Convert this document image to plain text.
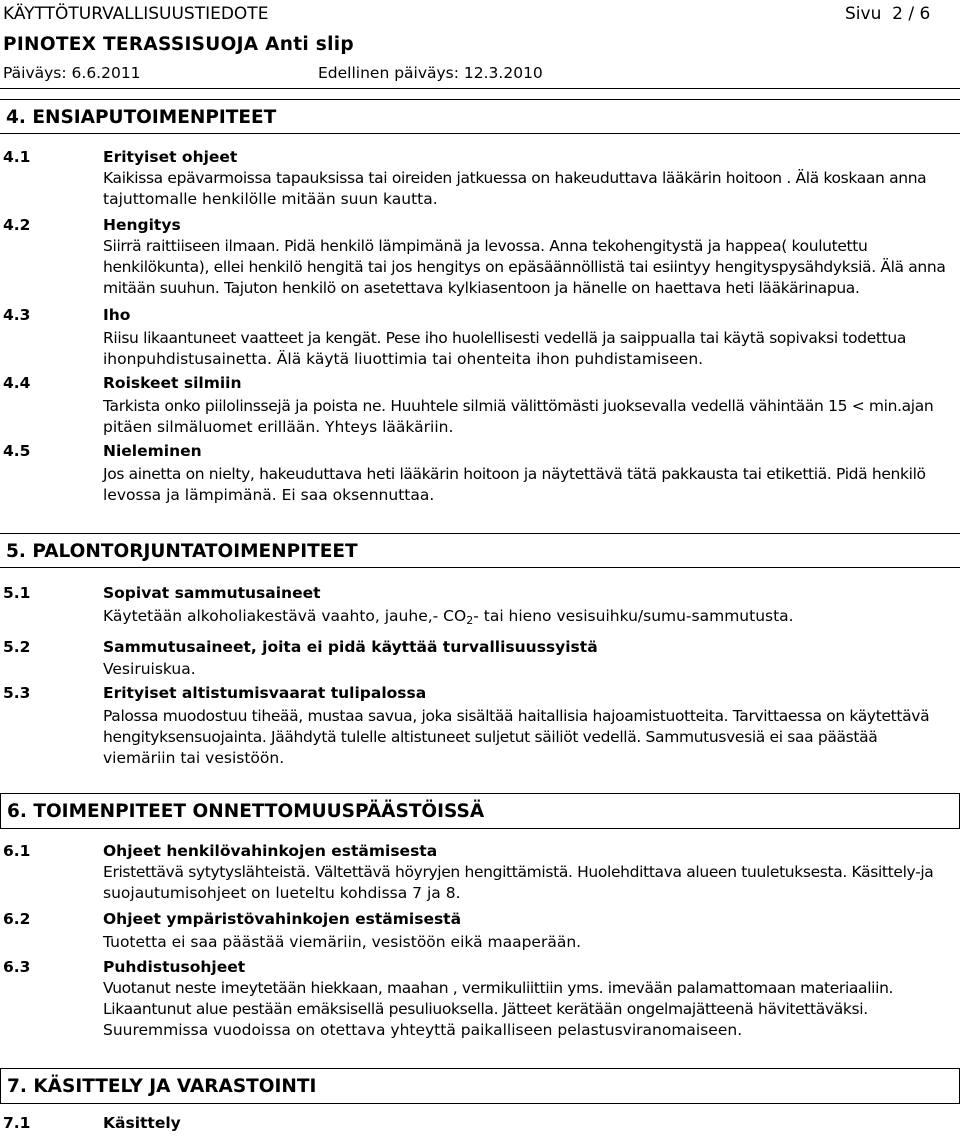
KÄYTTÖTURVALLISUUSTIEDOTE	Sivu 2 / 6
PINOTEX TERASSISUOJA Anti slip
Päiväys: 6.6.2011	Edellinen päiväys: 12.3.2010
4. ENSIAPUTOIMENPITEET
4.1	Erityiset ohjeet
Kaikissa epävarmoissa tapauksissa tai oireiden jatkuessa on hakeuduttava lääkärin hoitoon . Älä koskaan anna
tajuttomalle henkilölle mitään suun kautta.
4.2	Hengitys
Siirrä raittiiseen ilmaan. Pidä henkilö lämpimänä ja levossa. Anna tekohengitystä ja happea( koulutettu
henkilökunta), ellei henkilö hengitä tai jos hengitys on epäsäännöllistä tai esiintyy hengityspysähdyksiä. Älä anna
mitään suuhun. Tajuton henkilö on asetettava kylkiasentoon ja hänelle on haettava heti lääkärinapua.
4.3	Iho
Riisu likaantuneet vaatteet ja kengät. Pese iho huolellisesti vedellä ja saippualla tai käytä sopivaksi todettua
ihonpuhdistusainetta. Älä käytä liuottimia tai ohenteita ihon puhdistamiseen.
4.4	Roiskeet silmiin
Tarkista onko piilolinssejä ja poista ne. Huuhtele silmiä välittömästi juoksevalla vedellä vähintään 15 < min.ajan
pitäen silmäluomet erillään. Yhteys lääkäriin.
4.5	Nieleminen
Jos ainetta on nielty, hakeuduttava heti lääkärin hoitoon ja näytettävä tätä pakkausta tai etikettiä. Pidä henkilö
levossa ja lämpimänä. Ei saa oksennuttaa.
5. PALONTORJUNTATOIMENPITEET
5.1	Sopivat sammutusaineet
Käytetään alkoholiakestävä vaahto, jauhe,- $CO_2-$ tai hieno vesisuihku/sumu-sammutusta.
5.2	Sammutusaineet, joita ei pidä käyttää turvallisuussyistä
Vesiruiskua.
5.3	Erityiset altistumisvaarat tulipalossa
Palossa muodostuu tiheää, mustaa savua, joka sisältää haitallisia hajoamistuotteita. Tarvittaessa on käytettävä
hengityksensuojainta. Jäähdytä tulelle altistuneet suljetut säiliöt vedellä. Sammutusvesiä ei saa päästää
viemäriin tai vesistöön.
6. TOIMENPITEET ONNETTOMUUSPÄÄSTÖISSÄ
6.1	Ohjeet henkilövahinkojen estämisesta
Eristettävä sytytyslähteistä. Vältettävä höyryjen hengittämistä. Huolehdittava alueen tuuletuksesta. Käsittely-ja
suojautumisohjeet on lueteltu kohdissa 7 ja 8.
6.2	Ohjeet ympäristövahinkojen estämisestä
Tuotetta ei saa päästää viemäriin, vesistöön eikä maaperään.
6.3	Puhdistusohjeet
Vuotanut neste imeytetään hiekkaan, maahan , vermikuliittiin yms. imevään palamattomaan materiaaliin.
Likaantunut alue pestään emäksisellä pesuliuoksella. Jätteet kerätään ongelmajätteenä hävitettäväksi.
Suuremmissa vuodoissa on otettava yhteyttä paikalliseen pelastusviranomaiseen.
7. KÄSITTELY JA VARASTOINTI
7.1	Käsittely
